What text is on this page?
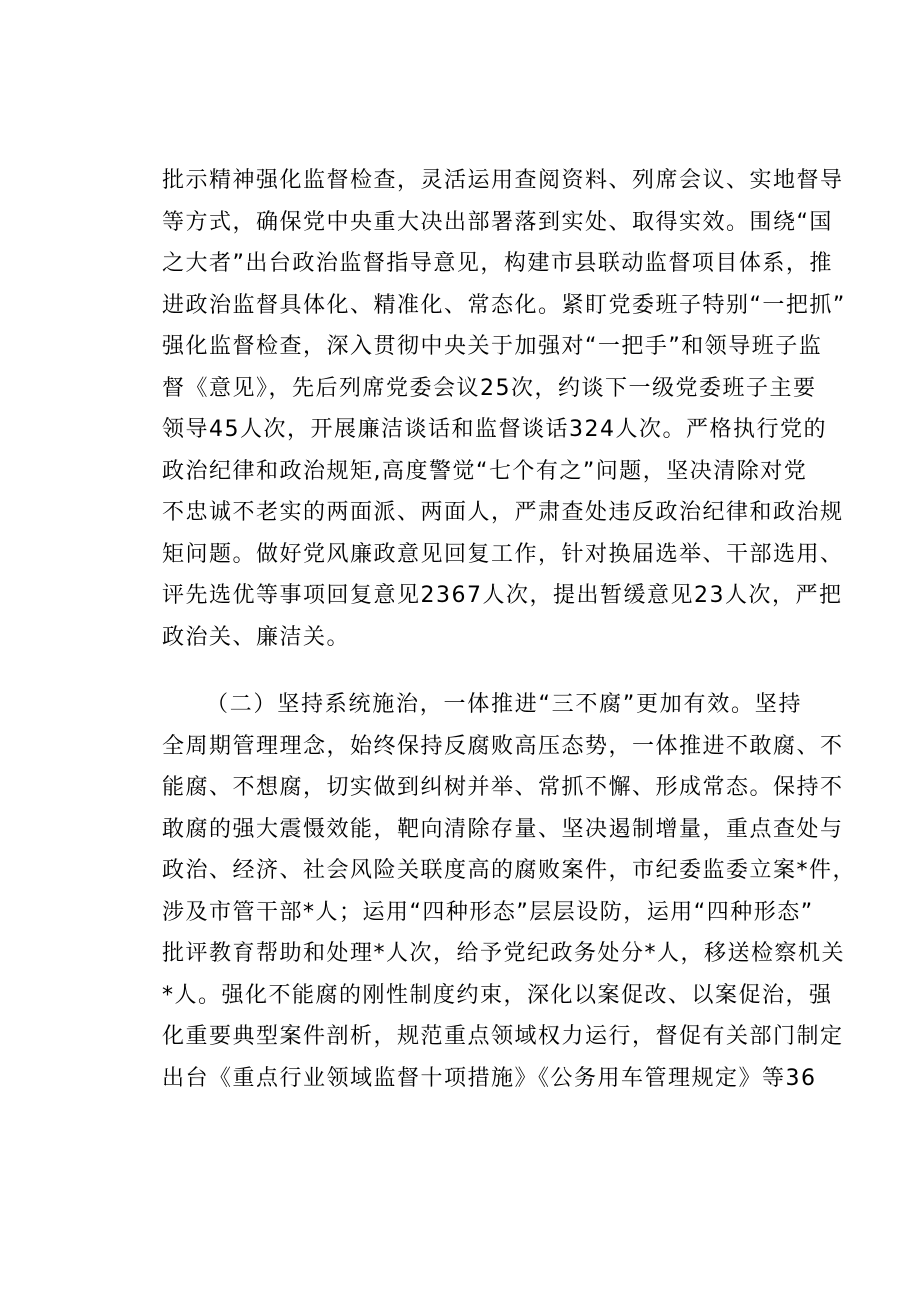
批示精神强化监督检查，灵活运用查阅资料、列席会议、实地督导
等方式，确保党中央重大决出部署落到实处、取得实效。围绕“国
之大者”出台政治监督指导意见，构建市县联动监督项目体系，推
进政治监督具体化、精准化、常态化。紧盯党委班子特别“一把抓”
强化监督检查，深入贯彻中央关于加强对“一把手”和领导班子监
督《意见》，先后列席党委会议25次，约谈下一级党委班子主要
领导45人次，开展廉洁谈话和监督谈话324人次。严格执行党的
政治纪律和政治规矩,高度警觉“七个有之”问题，坚决清除对党
不忠诚不老实的两面派、两面人，严肃查处违反政治纪律和政治规
矩问题。做好党风廉政意见回复工作，针对换届选举、干部选用、
评先选优等事项回复意见2367人次，提出暂缓意见23人次，严把
政治关、廉洁关。
（二）坚持系统施治，一体推进“三不腐”更加有效。坚持
全周期管理理念，始终保持反腐败高压态势，一体推进不敢腐、不
能腐、不想腐，切实做到纠树并举、常抓不懈、形成常态。保持不
敢腐的强大震慑效能，靶向清除存量、坚决遏制增量，重点查处与
政治、经济、社会风险关联度高的腐败案件，市纪委监委立案*件，
涉及市管干部*人；运用“四种形态”层层设防，运用“四种形态”
批评教育帮助和处理*人次，给予党纪政务处分*人，移送检察机关
*人。强化不能腐的刚性制度约束，深化以案促改、以案促治，强
化重要典型案件剖析，规范重点领域权力运行，督促有关部门制定
出台《重点行业领域监督十项措施》《公务用车管理规定》等36
